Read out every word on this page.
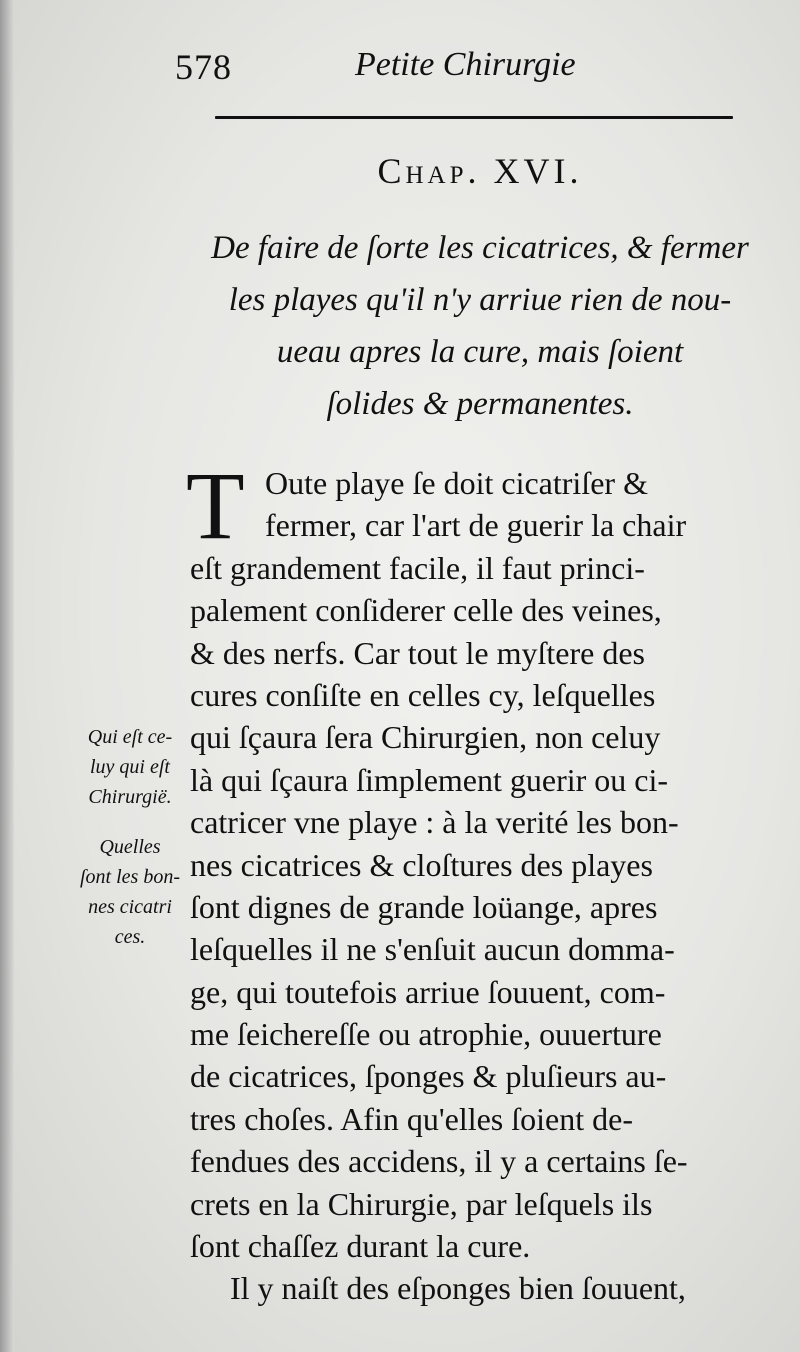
578	Petite Chirurgie
Chap. XVI.
De faire de ſorte les cicatrices, & fermer
les playes qu'il n'y arriue rien de nou-
ueau apres la cure, mais ſoient
ſolides & permanentes.
T Oute playe ſe doit cicatriſer &
fermer, car l'art de guerir la chair
eſt grandement facile, il faut princi-
palement conſiderer celle des veines,
& des nerfs. Car tout le myſtere des
cures conſiſte en celles cy, leſquelles
qui ſçaura ſera Chirurgien, non celuy
là qui ſçaura ſimplement guerir ou ci-
catricer vne playe : à la verité les bon-
nes cicatrices & cloſtures des playes
ſont dignes de grande loüange, apres
leſquelles il ne s'enſuit aucun domma-
ge, qui toutefois arriue ſouuent, com-
me ſeichereſſe ou atrophie, ouuerture
de cicatrices, ſponges & pluſieurs au-
tres choſes. Afin qu'elles ſoient de-
fendues des accidens, il y a certains ſe-
crets en la Chirurgie, par leſquels ils
ſont chaſſez durant la cure.
Il y naiſt des eſponges bien ſouuent,
Qui eſt ce-
luy qui eſt
Chirurgië.
Quelles
ſont les bon-
nes cicatri
ces.
